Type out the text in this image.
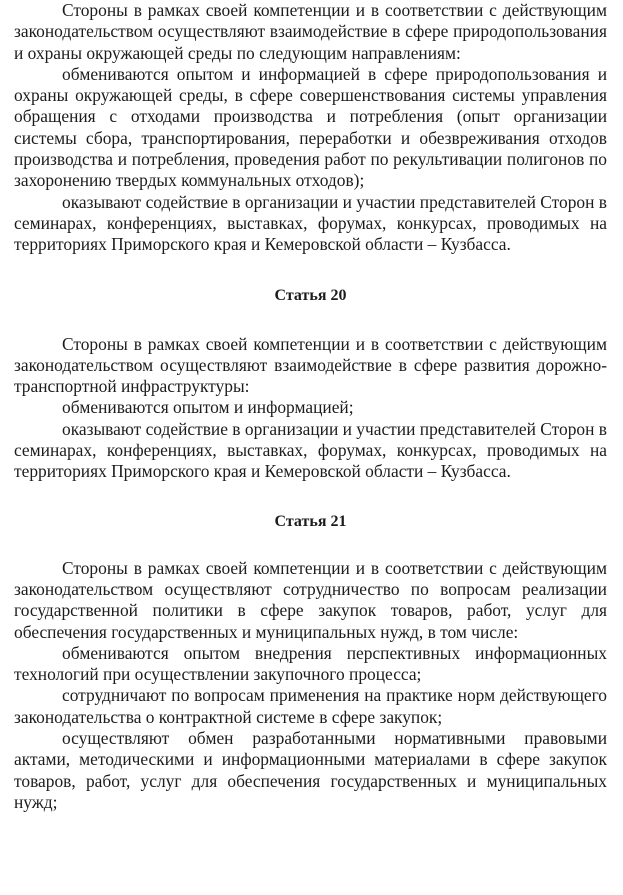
Стороны в рамках своей компетенции и в соответствии с действующим законодательством осуществляют взаимодействие в сфере природопользования и охраны окружающей среды по следующим направлениям:

обмениваются опытом и информацией в сфере природопользования и охраны окружающей среды, в сфере совершенствования системы управления обращения с отходами производства и потребления (опыт организации системы сбора, транспортирования, переработки и обезвреживания отходов производства и потребления, проведения работ по рекультивации полигонов по захоронению твердых коммунальных отходов);

оказывают содействие в организации и участии представителей Сторон в семинарах, конференциях, выставках, форумах, конкурсах, проводимых на территориях Приморского края и Кемеровской области – Кузбасса.

Статья 20

Стороны в рамках своей компетенции и в соответствии с действующим законодательством осуществляют взаимодействие в сфере развития дорожно-транспортной инфраструктуры:

обмениваются опытом и информацией;

оказывают содействие в организации и участии представителей Сторон в семинарах, конференциях, выставках, форумах, конкурсах, проводимых на территориях Приморского края и Кемеровской области – Кузбасса.

Статья 21

Стороны в рамках своей компетенции и в соответствии с действующим законодательством осуществляют сотрудничество по вопросам реализации государственной политики в сфере закупок товаров, работ, услуг для обеспечения государственных и муниципальных нужд, в том числе:

обмениваются опытом внедрения перспективных информационных технологий при осуществлении закупочного процесса;

сотрудничают по вопросам применения на практике норм действующего законодательства о контрактной системе в сфере закупок;

осуществляют обмен разработанными нормативными правовыми актами, методическими и информационными материалами в сфере закупок товаров, работ, услуг для обеспечения государственных и муниципальных нужд;
